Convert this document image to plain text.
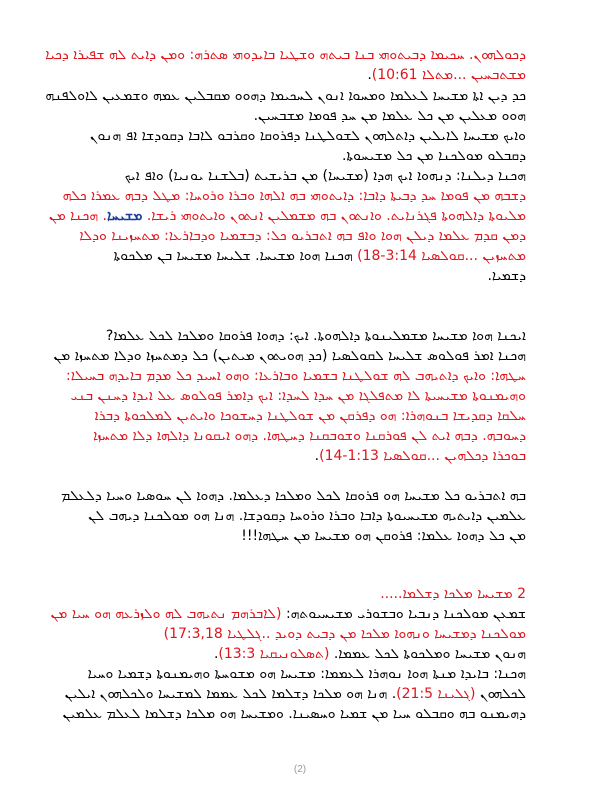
ܕܟܘܠܗܘܢ. ܚܟܝܡܐ ܕܒܝܬܘܗܝ ܒܢܐ ܒܝܬܗ ܘܫܛܝܐ ܒܐܝܕܘܗܝ ܣܬܪܗ: ܘܡܢ ܕܐܝܬ ܠܗ ܫܦܝܪܐ ܕܟܝܐ
ܡܫܬܒܚܝܢ ...ܡܬܠܐ 10:61).
ܟܕ ܕܝܢ ܐܬܐ ܡܫܝܚܐ ܠܥܠܡܐ ܘܡܚܘܐ ܐܢܘܢ ܠܚܟܝܡܐ ܕܗܘܘ ܡܩܒܠܝܢ ܥܡܗ ܘܫܡܥܝܢ ܠܐܘܠܦܢܗ
ܗܘܘ ܡܥܠܝܢ ܡܢ ܟܠ ܥܠܡܐ ܡܢ ܚܕ ܦܘܡܐ ܡܫܒܚܝܢ.
ܘܐܝܟ ܡܫܝܚܐ ܠܐܝܠܝܢ ܕܐܬܠܗܘܢ ܠܫܘܠܛܢܐ ܕܦܪܘܩܐ ܘܩܪܒܘ ܠܐܒܐ ܕܩܘܕܫܐ ܐܦ ܗܢܘܢ
ܕܩܒܠܘ ܡܘܠܟܢܐ ܡܢ ܟܠ ܡܫܝܚܘܬܐ.
ܗܟܢܐ ܕܝܠܢܐ: ܕܢܗܘܐ ܐܝܟ ܗܕܐ (ܡܫܝܚܐ) ܡܢ ܒܪܝܫܝܬ (ܒܠܫܢܐ ܝܘܢܝܐ) ܘܐܦ ܐܝܟ
ܕܫܒܗ ܡܢ ܦܘܡܐ ܚܕ ܕܒܝܬܐ ܕܐܒܐ: ܕܐܝܬܘܗܝ ܒܗ ܐܠܗܐ ܘܒܪܐ ܘܪܘܚܐ: ܡܛܠ ܕܒܗ ܥܡܪܐ ܟܠܗ
ܡܠܝܘܬܐ ܕܐܠܗܘܬܐ ܦܓܪܢܐܝܬ. ܘܐܢܬܘܢ ܒܗ ܡܫܡܠܝܢ ܐܢܬܘܢ ܘܐܝܬܘܗܝ ܪܝܫܐ. ܡܫܝܚܐ. ܗܟܢܐ ܡܢ
ܕܡܢ ܩܕܡ ܥܠܡܐ ܕܝܠܢ ܗܘܐ ܘܐܦ ܒܗ ܐܬܒܪܝܘ ܟܠ: ܕܒܫܡܝܐ ܘܕܒܐܪܥܐ: ܡܬܚܙܝܢܐ ܘܕܠܐ
ܡܬܚܙܝܢ ...ܩܘܠܣܝܐ 3:14-18) ܗܟܢܐ ܗܘܐ ܡܫܝܚܐ. ܫܠܝܚܐ ܡܫܝܚܐ ܒܢ ܡܠܟܘܬܐ
ܕܫܡܝܐ.
ܐܝܟܢܐ ܗܘܐ ܡܫܝܚܐ ܡܫܡܠܝܢܘܬܐ ܕܐܠܗܘܬܐ. ܐܝܟ: ܕܗܘܐ ܦܪܘܩܐ ܘܡܠܟܐ ܠܟܠ ܥܠܡܐ?
ܗܟܢܐ ܐܡܪ ܦܘܠܘܣ ܫܠܝܚܐ ܠܩܘܠܣܝܐ (ܟܕ ܗܘܝܬܘܢ ܡܝܬܝܢ) ܟܠ ܕܡܬܚܙܐ ܘܕܠܐ ܡܬܚܙܐ ܡܢ
ܚܛܗܐ: ܘܐܝܟ ܕܐܬܝܗܒ ܠܗ ܫܘܠܛܢܐ ܒܫܡܝܐ ܘܒܐܪܥܐ: ܘܗܘ ܐܚܝܕ ܟܠ ܡܕܡ ܒܐܝܕܗ ܒܚܝܠܐ:
ܘܗܝܡܢܘܬܐ ܡܫܝܚܝܬܐ ܠܐ ܡܬܦܠܓܐ ܡܢ ܚܕܐ ܠܚܕܐ: ܐܝܟ ܕܐܡܪ ܦܘܠܘܣ ܥܠ ܐܝܕܐ ܕܚܢܢ ܒܢܝ
ܚܠܩܐ ܕܩܕܝܫܐ ܒܢܘܗܪܐ: ܗܘ ܕܦܪܩܢ ܡܢ ܫܘܠܛܢܐ ܕܚܫܘܟܐ ܘܐܝܬܝܢ ܠܡܠܟܘܬܐ ܕܒܪܐ
ܕܚܘܒܗ. ܕܒܗ ܐܝܬ ܠܢ ܦܘܪܩܢܐ ܘܫܘܒܩܢܐ ܕܚܛܗܐ. ܕܗܘ ܐܝܩܘܢܐ ܕܐܠܗܐ ܕܠܐ ܡܬܚܙܐ
ܒܘܟܪܐ ܕܟܠܗܝܢ ...ܩܘܠܣܝܐ 1:13-14).
ܒܗ ܐܬܒܪܝܘ ܟܠ ܡܫܝܚܐ ܗܘ ܦܪܘܩܐ ܠܟܠ ܘܡܠܟܐ ܕܥܠܡܐ. ܕܗܘܐ ܠܢ ܚܘܣܝܐ ܘܚܝܐ ܕܠܥܠܡ
ܥܠܡܝܢ ܕܐܝܬܝܗ ܡܫܝܚܝܘܬܐ ܕܐܒܐ ܘܒܪܐ ܘܪܘܚܐ ܕܩܘܕܫܐ. ܗܢܐ ܗܘ ܡܘܠܟܢܐ ܕܝܗܒ ܠܢ
ܡܢ ܟܠ ܕܗܘܐ ܥܠܡܐ: ܦܪܘܩܢ ܗܘ ܡܫܝܚܐ ܡܢ ܚܛܗܐ!!!
2 ܡܫܝܚܐ ܡܠܟܐ ܕܫܠܡܐ.....
ܫܡܥܢ ܡܘܠܟܢܐ ܕܢܒܝܐ ܘܒܫܘܪܝ ܡܫܝܚܝܘܬܗ: (ܠܐܒܪܗܡ ܢܬܝܗܒ ܠܗ ܘܠܙܪܥܗ ܗܘ ܚܝܐ ܡܢ
ܡܘܠܟܢܐ ܕܡܫܝܚܐ ܘܢܗܘܐ ܡܠܟܐ ܡܢ ܕܒܝܬ ܕܘܝܕ ..ܓܠܛܝܐ 17:3,18)
ܗܢܘܢ ܡܫܝܚܐ ܘܡܠܟܘܬܐ ܠܟܠ ܥܡܡܐ. (ܬܣܠܘܢܝܩܝܐ 13:3).
ܗܟܢܐ: ܒܐܝܕܐ ܡܢܬܐ ܗܘܐ ܢܘܗܪܐ ܠܥܡܡܐ: ܡܫܝܚܐ ܗܘ ܡܫܘܚܬܐ ܘܗܝܡܢܘܬܐ ܕܫܡܝܐ ܘܚܝܐ
ܠܟܠܗܘܢ (ܓܠܝܢܐ 21:5). ܗܢܐ ܗܘ ܡܠܟܐ ܕܫܠܡܐ ܠܟܠ ܥܡܡܐ ܠܡܫܝܚܐ ܘܠܟܠܗܘܢ ܐܝܠܝܢ
ܕܗܝܡܢܘ ܒܗ ܘܩܒܠܘ ܚܝܐ ܡܢ ܫܡܝܐ ܘܚܣܝܢܐ. ܘܡܫܝܚܐ ܗܘ ܡܠܟܐ ܕܫܠܡܐ ܠܥܠܡ ܥܠܡܝܢ
(2)
